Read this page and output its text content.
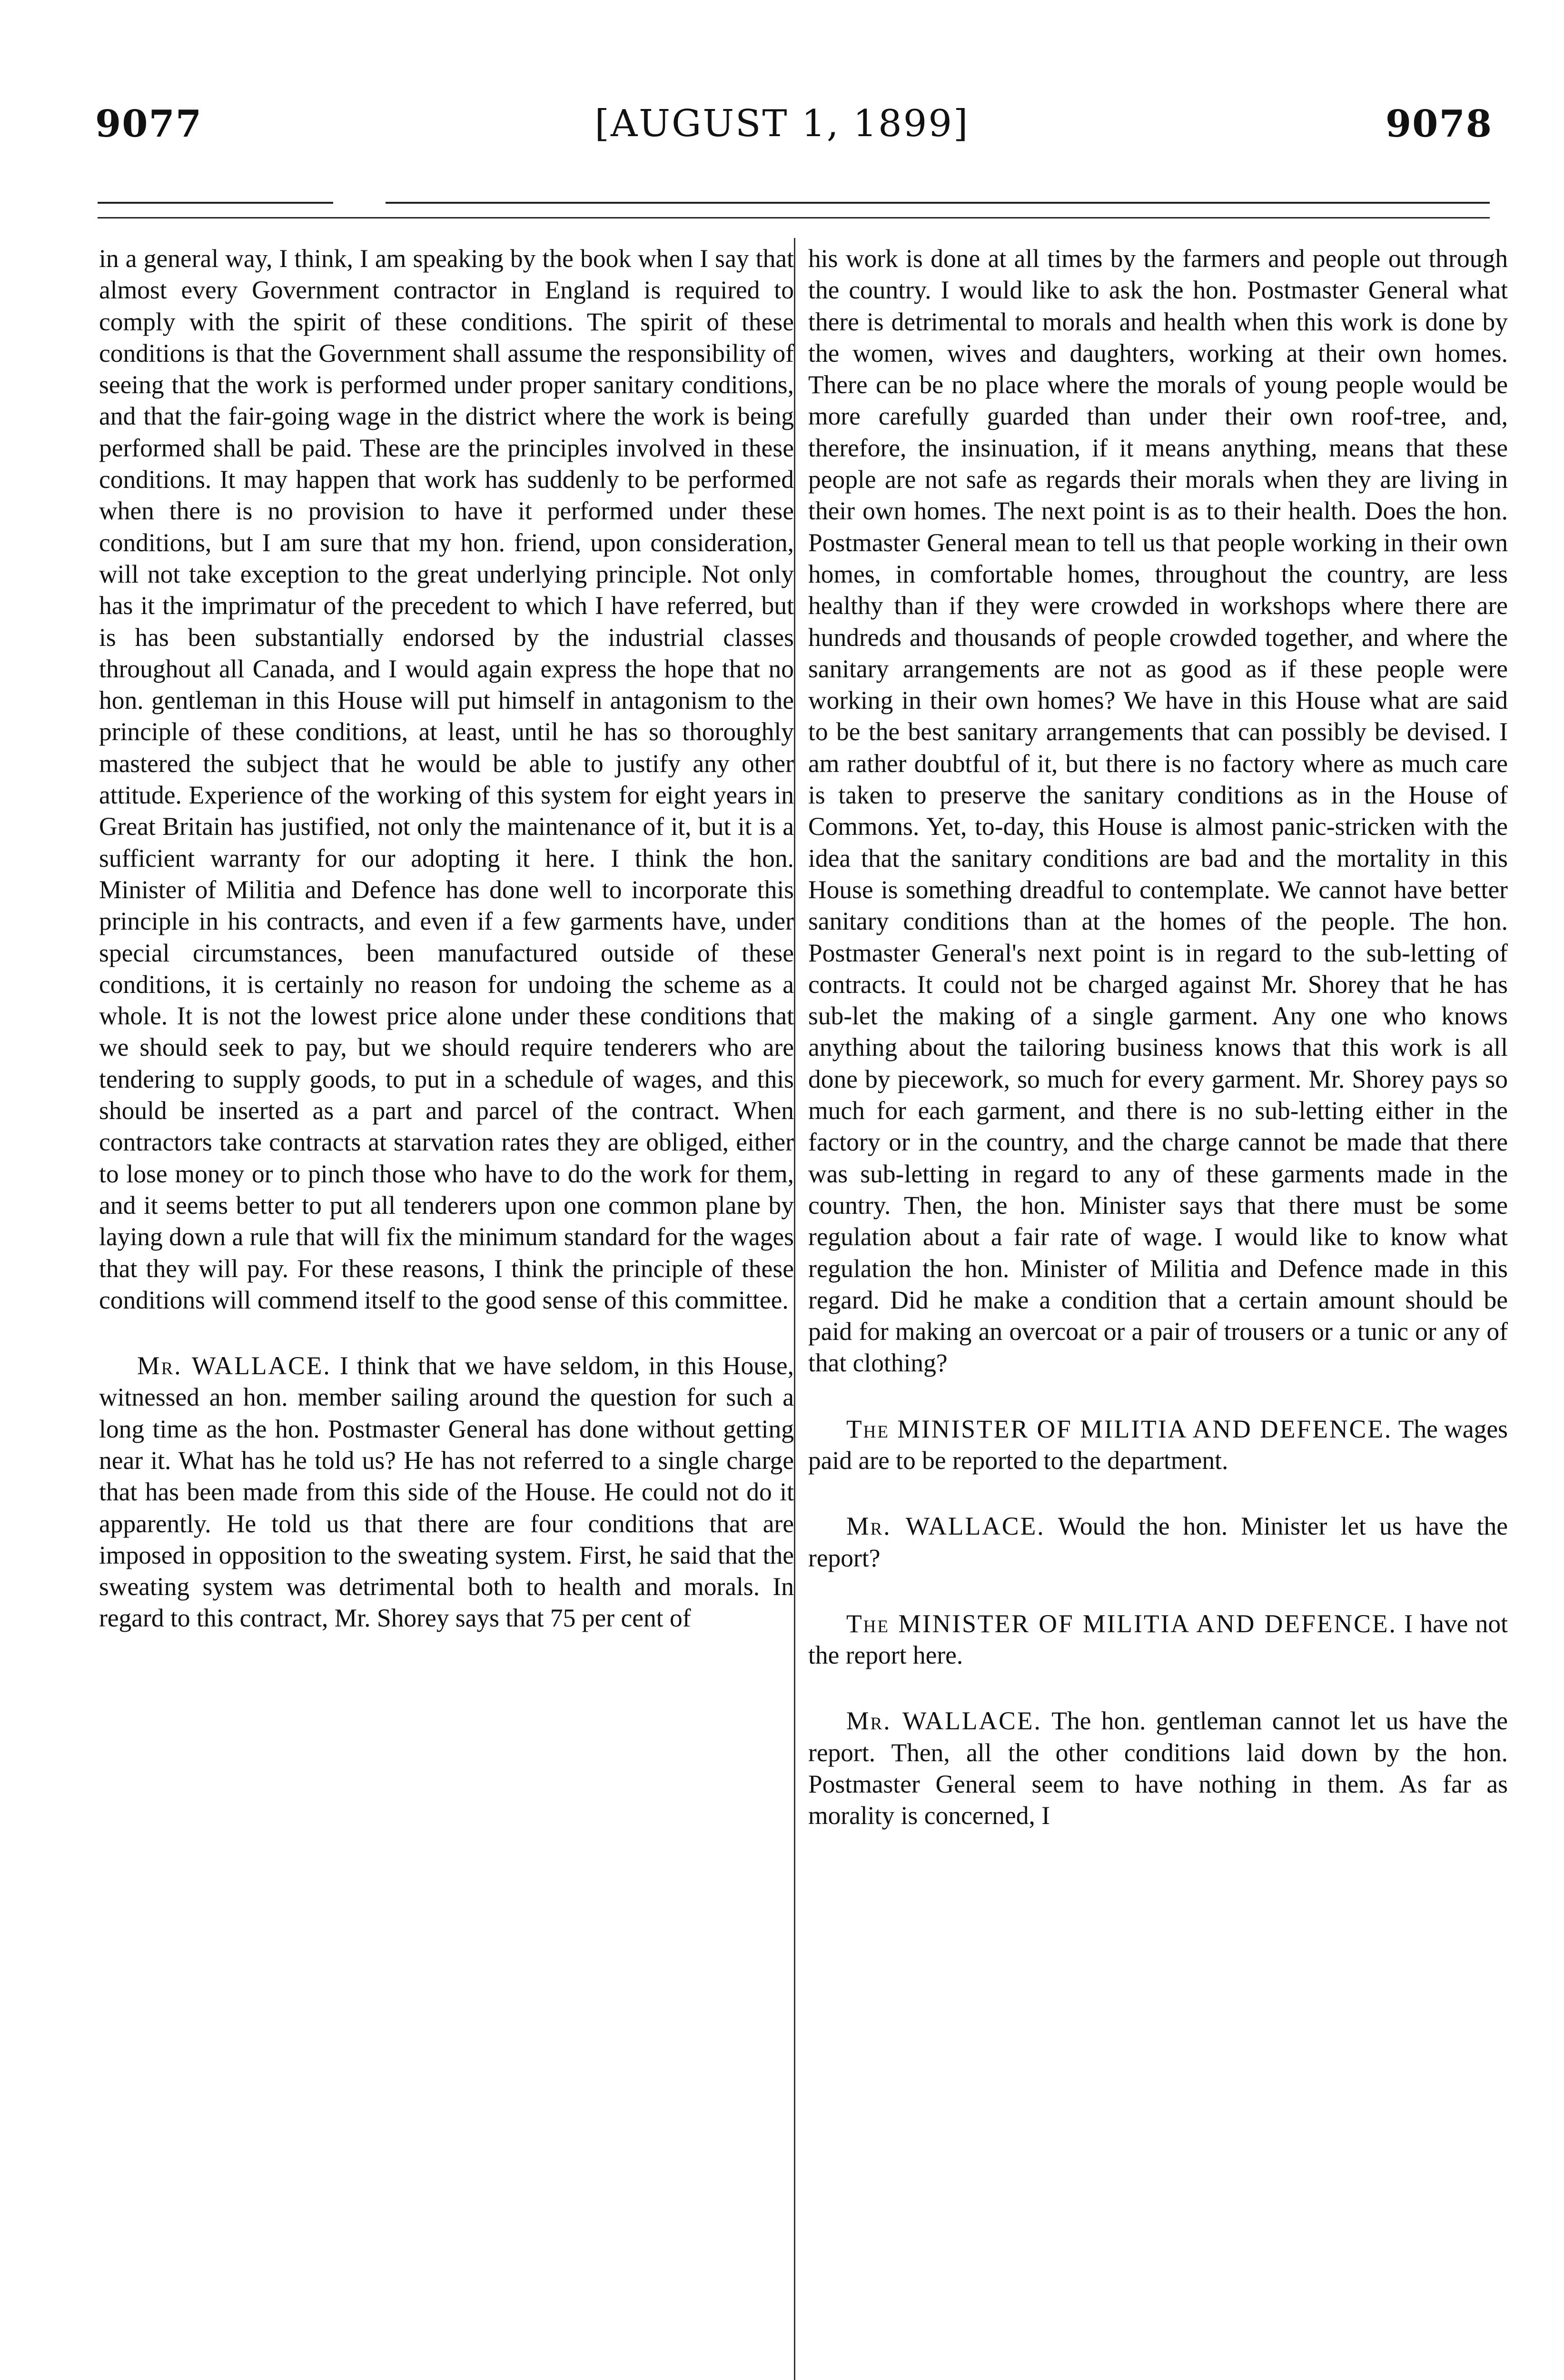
9077	[AUGUST 1, 1899]	9078

in a general way, I think, I am speaking by the book when I say that almost every Government contractor in England is required to comply with the spirit of these conditions. The spirit of these conditions is that the Government shall assume the responsibility of seeing that the work is performed under proper sanitary conditions, and that the fair-going wage in the district where the work is being performed shall be paid. These are the principles involved in these conditions. It may happen that work has suddenly to be performed when there is no provision to have it performed under these conditions, but I am sure that my hon. friend, upon consideration, will not take exception to the great underlying principle. Not only has it the imprimatur of the precedent to which I have referred, but is has been substantially endorsed by the industrial classes throughout all Canada, and I would again express the hope that no hon. gentleman in this House will put himself in antagonism to the principle of these conditions, at least, until he has so thoroughly mastered the subject that he would be able to justify any other attitude. Experience of the working of this system for eight years in Great Britain has justified, not only the maintenance of it, but it is a sufficient warranty for our adopting it here. I think the hon. Minister of Militia and Defence has done well to incorporate this principle in his contracts, and even if a few garments have, under special circumstances, been manufactured outside of these conditions, it is certainly no reason for undoing the scheme as a whole. It is not the lowest price alone under these conditions that we should seek to pay, but we should require tenderers who are tendering to supply goods, to put in a schedule of wages, and this should be inserted as a part and parcel of the contract. When contractors take contracts at starvation rates they are obliged, either to lose money or to pinch those who have to do the work for them, and it seems better to put all tenderers upon one common plane by laying down a rule that will fix the minimum standard for the wages that they will pay. For these reasons, I think the principle of these conditions will commend itself to the good sense of this committee.

Mr. WALLACE. I think that we have seldom, in this House, witnessed an hon. member sailing around the question for such a long time as the hon. Postmaster General has done without getting near it. What has he told us? He has not referred to a single charge that has been made from this side of the House. He could not do it apparently. He told us that there are four conditions that are imposed in opposition to the sweating system. First, he said that the sweating system was detrimental both to health and morals. In regard to this contract, Mr. Shorey says that 75 per cent of

his work is done at all times by the farmers and people out through the country. I would like to ask the hon. Postmaster General what there is detrimental to morals and health when this work is done by the women, wives and daughters, working at their own homes. There can be no place where the morals of young people would be more carefully guarded than under their own roof-tree, and, therefore, the insinuation, if it means anything, means that these people are not safe as regards their morals when they are living in their own homes. The next point is as to their health. Does the hon. Postmaster General mean to tell us that people working in their own homes, in comfortable homes, throughout the country, are less healthy than if they were crowded in workshops where there are hundreds and thousands of people crowded together, and where the sanitary arrangements are not as good as if these people were working in their own homes? We have in this House what are said to be the best sanitary arrangements that can possibly be devised. I am rather doubtful of it, but there is no factory where as much care is taken to preserve the sanitary conditions as in the House of Commons. Yet, to-day, this House is almost panic-stricken with the idea that the sanitary conditions are bad and the mortality in this House is something dreadful to contemplate. We cannot have better sanitary conditions than at the homes of the people. The hon. Postmaster General's next point is in regard to the sub-letting of contracts. It could not be charged against Mr. Shorey that he has sub-let the making of a single garment. Any one who knows anything about the tailoring business knows that this work is all done by piecework, so much for every garment. Mr. Shorey pays so much for each garment, and there is no sub-letting either in the factory or in the country, and the charge cannot be made that there was sub-letting in regard to any of these garments made in the country. Then, the hon. Minister says that there must be some regulation about a fair rate of wage. I would like to know what regulation the hon. Minister of Militia and Defence made in this regard. Did he make a condition that a certain amount should be paid for making an overcoat or a pair of trousers or a tunic or any of that clothing?

The MINISTER OF MILITIA AND DEFENCE. The wages paid are to be reported to the department.

Mr. WALLACE. Would the hon. Minister let us have the report?

The MINISTER OF MILITIA AND DEFENCE. I have not the report here.

Mr. WALLACE. The hon. gentleman cannot let us have the report. Then, all the other conditions laid down by the hon. Postmaster General seem to have nothing in them. As far as morality is concerned, I
